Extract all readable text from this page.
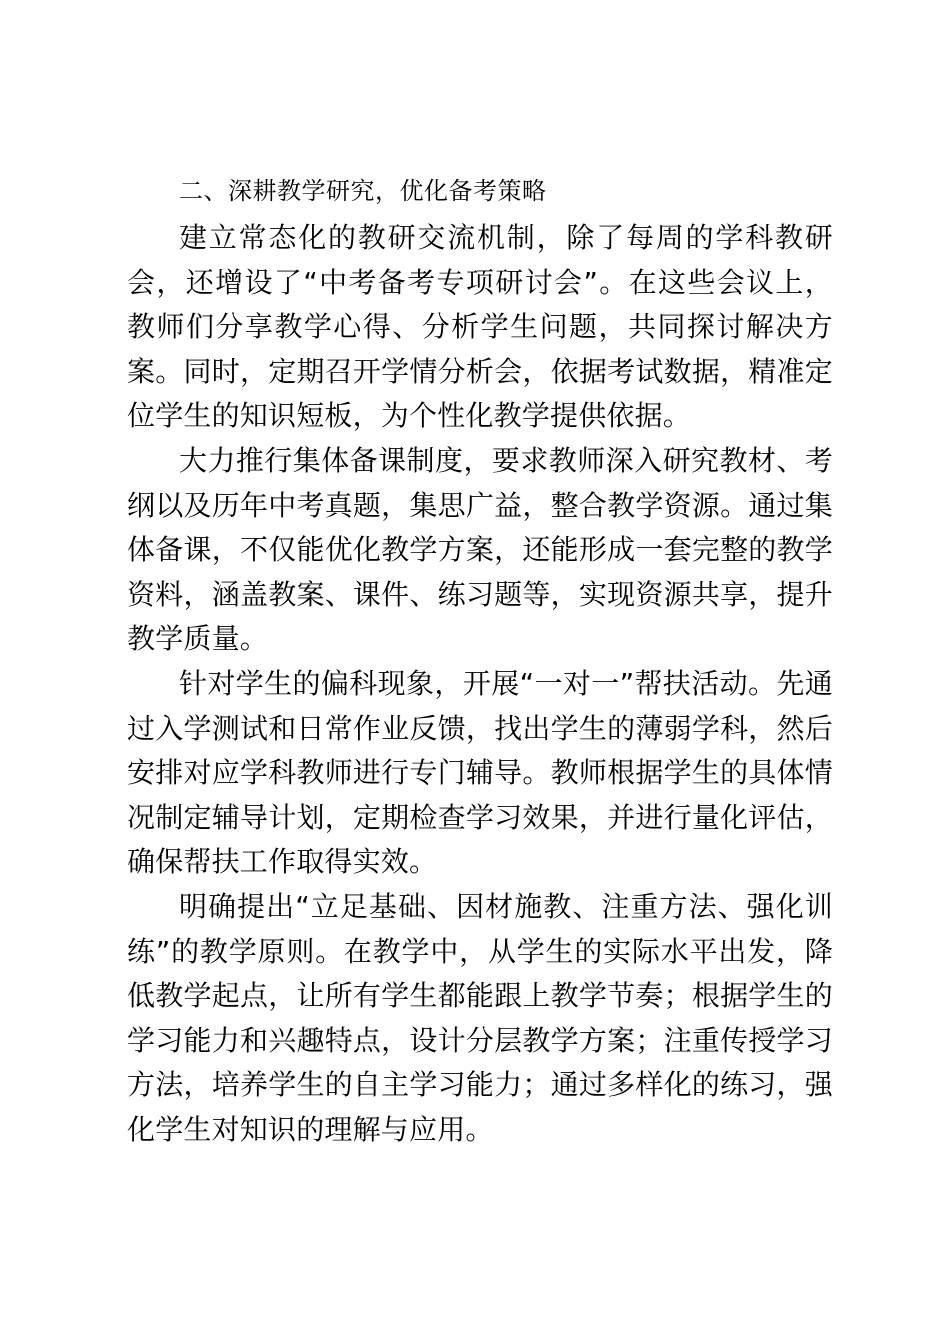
二、深耕教学研究，优化备考策略

建立常态化的教研交流机制，除了每周的学科教研会，还增设了“中考备考专项研讨会”。在这些会议上，教师们分享教学心得、分析学生问题，共同探讨解决方案。同时，定期召开学情分析会，依据考试数据，精准定位学生的知识短板，为个性化教学提供依据。

大力推行集体备课制度，要求教师深入研究教材、考纲以及历年中考真题，集思广益，整合教学资源。通过集体备课，不仅能优化教学方案，还能形成一套完整的教学资料，涵盖教案、课件、练习题等，实现资源共享，提升教学质量。

针对学生的偏科现象，开展“一对一”帮扶活动。先通过入学测试和日常作业反馈，找出学生的薄弱学科，然后安排对应学科教师进行专门辅导。教师根据学生的具体情况制定辅导计划，定期检查学习效果，并进行量化评估，确保帮扶工作取得实效。

明确提出“立足基础、因材施教、注重方法、强化训练”的教学原则。在教学中，从学生的实际水平出发，降低教学起点，让所有学生都能跟上教学节奏；根据学生的学习能力和兴趣特点，设计分层教学方案；注重传授学习方法，培养学生的自主学习能力；通过多样化的练习，强化学生对知识的理解与应用。
